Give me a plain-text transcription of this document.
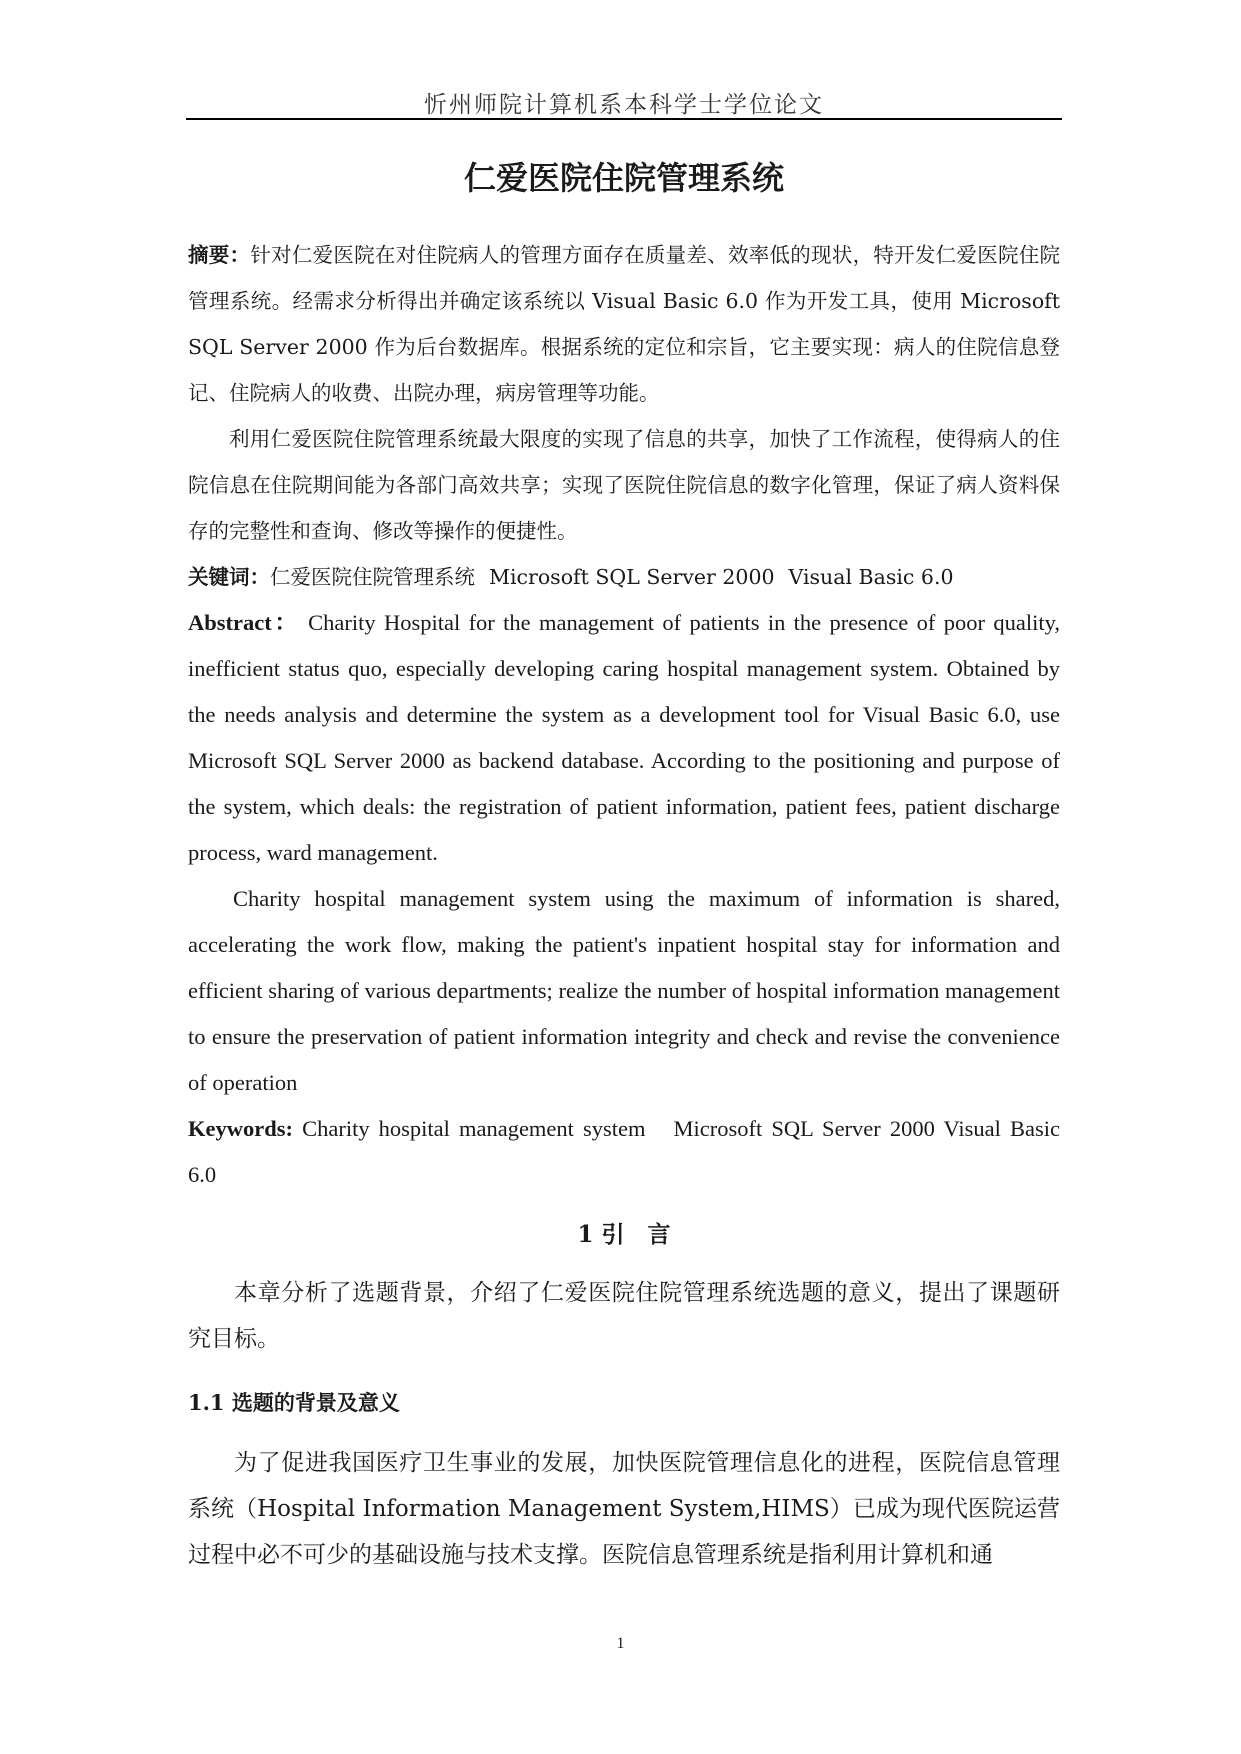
忻州师院计算机系本科学士学位论文
仁爱医院住院管理系统

摘要：针对仁爱医院在对住院病人的管理方面存在质量差、效率低的现状，特开发仁爱医院住院管理系统。经需求分析得出并确定该系统以 Visual Basic 6.0 作为开发工具，使用 Microsoft SQL Server 2000 作为后台数据库。根据系统的定位和宗旨，它主要实现：病人的住院信息登记、住院病人的收费、出院办理，病房管理等功能。

利用仁爱医院住院管理系统最大限度的实现了信息的共享，加快了工作流程，使得病人的住院信息在住院期间能为各部门高效共享；实现了医院住院信息的数字化管理，保证了病人资料保存的完整性和查询、修改等操作的便捷性。

关键词：仁爱医院住院管理系统 Microsoft SQL Server 2000 Visual Basic 6.0

Abstract： Charity Hospital for the management of patients in the presence of poor quality, inefficient status quo, especially developing caring hospital management system. Obtained by the needs analysis and determine the system as a development tool for Visual Basic 6.0, use Microsoft SQL Server 2000 as backend database. According to the positioning and purpose of the system, which deals: the registration of patient information, patient fees, patient discharge process, ward management.

Charity hospital management system using the maximum of information is shared, accelerating the work flow, making the patient's inpatient hospital stay for information and efficient sharing of various departments; realize the number of hospital information management to ensure the preservation of patient information integrity and check and revise the convenience of operation

Keywords: Charity hospital management system Microsoft SQL Server 2000 Visual Basic 6.0

1 引　言

本章分析了选题背景，介绍了仁爱医院住院管理系统选题的意义，提出了课题研究目标。

1.1 选题的背景及意义

为了促进我国医疗卫生事业的发展，加快医院管理信息化的进程，医院信息管理系统（Hospital Information Management System,HIMS）已成为现代医院运营过程中必不可少的基础设施与技术支撑。医院信息管理系统是指利用计算机和通

1
